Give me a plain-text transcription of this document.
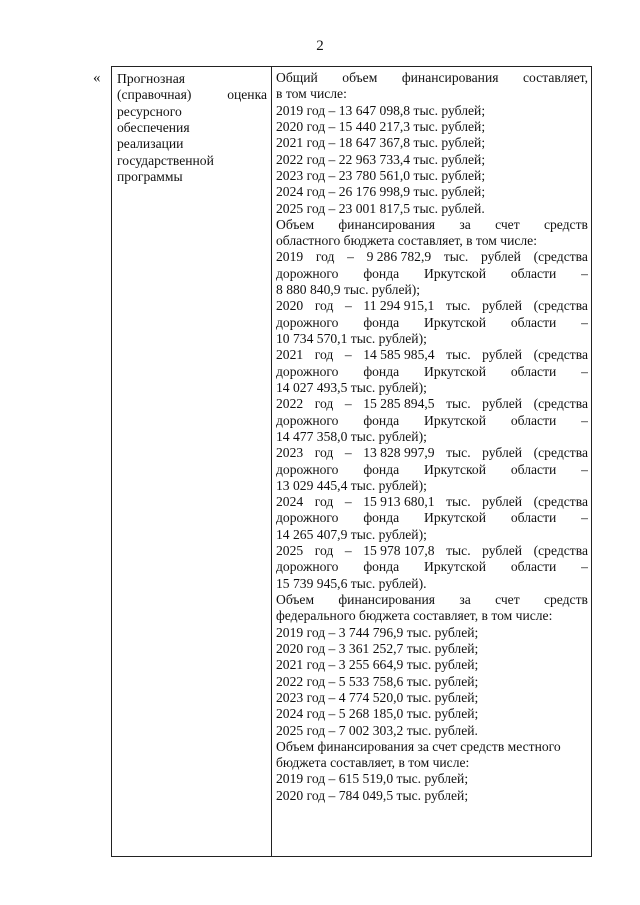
2
« Прогнозная
(справочная)	оценка
ресурсного
обеспечения
реализации
государственной
программы
Общий объем финансирования составляет,
в том числе:
2019 год – 13 647 098,8 тыс. рублей;
2020 год – 15 440 217,3 тыс. рублей;
2021 год – 18 647 367,8 тыс. рублей;
2022 год – 22 963 733,4 тыс. рублей;
2023 год – 23 780 561,0 тыс. рублей;
2024 год – 26 176 998,9 тыс. рублей;
2025 год – 23 001 817,5 тыс. рублей.
Объем финансирования за счет средств
областного бюджета составляет, в том числе:
2019 год – 9 286 782,9 тыс. рублей (средства
дорожного фонда Иркутской области –
8 880 840,9 тыс. рублей);
2020 год – 11 294 915,1 тыс. рублей (средства
дорожного фонда Иркутской области –
10 734 570,1 тыс. рублей);
2021 год – 14 585 985,4 тыс. рублей (средства
дорожного фонда Иркутской области –
14 027 493,5 тыс. рублей);
2022 год – 15 285 894,5 тыс. рублей (средства
дорожного фонда Иркутской области –
14 477 358,0 тыс. рублей);
2023 год – 13 828 997,9 тыс. рублей (средства
дорожного фонда Иркутской области –
13 029 445,4 тыс. рублей);
2024 год – 15 913 680,1 тыс. рублей (средства
дорожного фонда Иркутской области –
14 265 407,9 тыс. рублей);
2025 год – 15 978 107,8 тыс. рублей (средства
дорожного фонда Иркутской области –
15 739 945,6 тыс. рублей).
Объем финансирования за счет средств
федерального бюджета составляет, в том числе:
2019 год – 3 744 796,9 тыс. рублей;
2020 год – 3 361 252,7 тыс. рублей;
2021 год – 3 255 664,9 тыс. рублей;
2022 год – 5 533 758,6 тыс. рублей;
2023 год – 4 774 520,0 тыс. рублей;
2024 год – 5 268 185,0 тыс. рублей;
2025 год – 7 002 303,2 тыс. рублей.
Объем финансирования за счет средств местного
бюджета составляет, в том числе:
2019 год – 615 519,0 тыс. рублей;
2020 год – 784 049,5 тыс. рублей;
